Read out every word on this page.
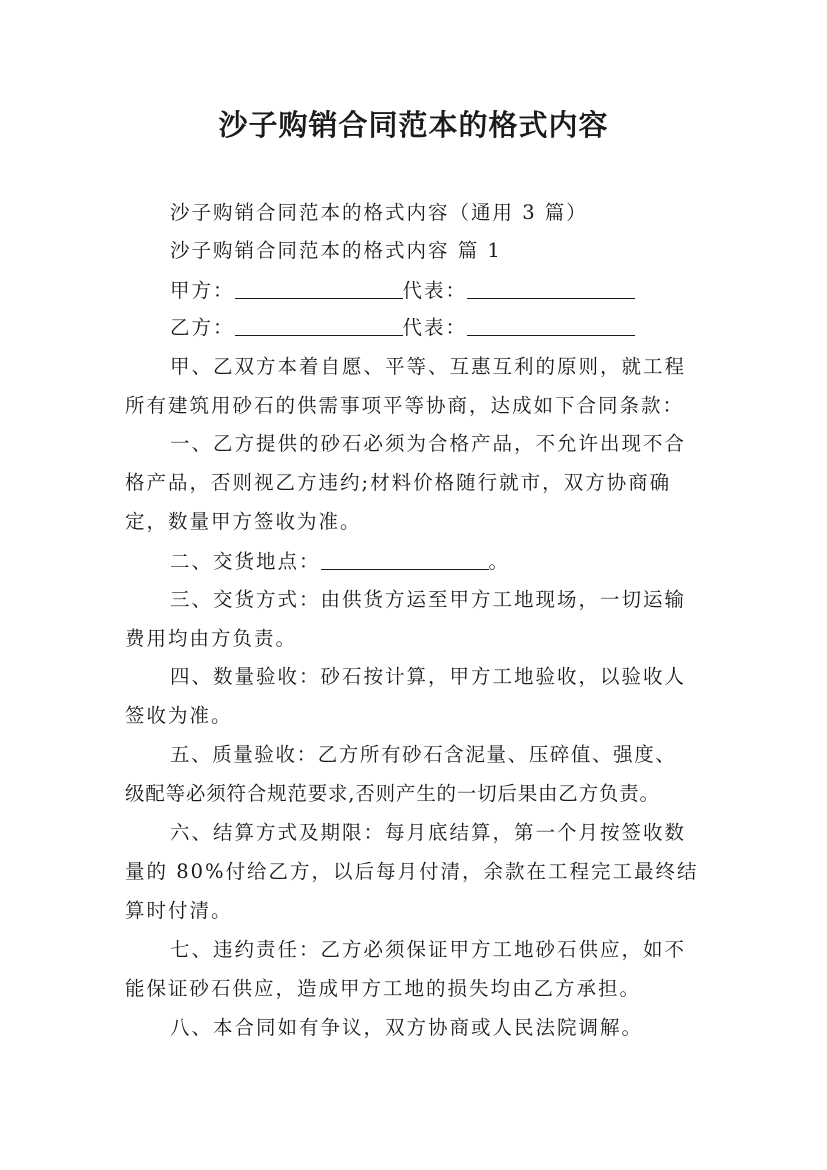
沙子购销合同范本的格式内容

沙子购销合同范本的格式内容（通用 3 篇）

沙子购销合同范本的格式内容 篇 1

甲方：	代表：

乙方：	代表：

甲、乙双方本着自愿、平等、互惠互利的原则，就工程

所有建筑用砂石的供需事项平等协商，达成如下合同条款：

一、乙方提供的砂石必须为合格产品，不允许出现不合

格产品，否则视乙方违约;材料价格随行就市，双方协商确

定，数量甲方签收为准。

二、交货地点：	。

三、交货方式：由供货方运至甲方工地现场，一切运输

费用均由方负责。

四、数量验收：砂石按计算，甲方工地验收，以验收人

签收为准。

五、质量验收：乙方所有砂石含泥量、压碎值、强度、

级配等必须符合规范要求,否则产生的一切后果由乙方负责。

六、结算方式及期限：每月底结算，第一个月按签收数

量的 80%付给乙方，以后每月付清，余款在工程完工最终结

算时付清。

七、违约责任：乙方必须保证甲方工地砂石供应，如不

能保证砂石供应，造成甲方工地的损失均由乙方承担。

八、本合同如有争议，双方协商或人民法院调解。
